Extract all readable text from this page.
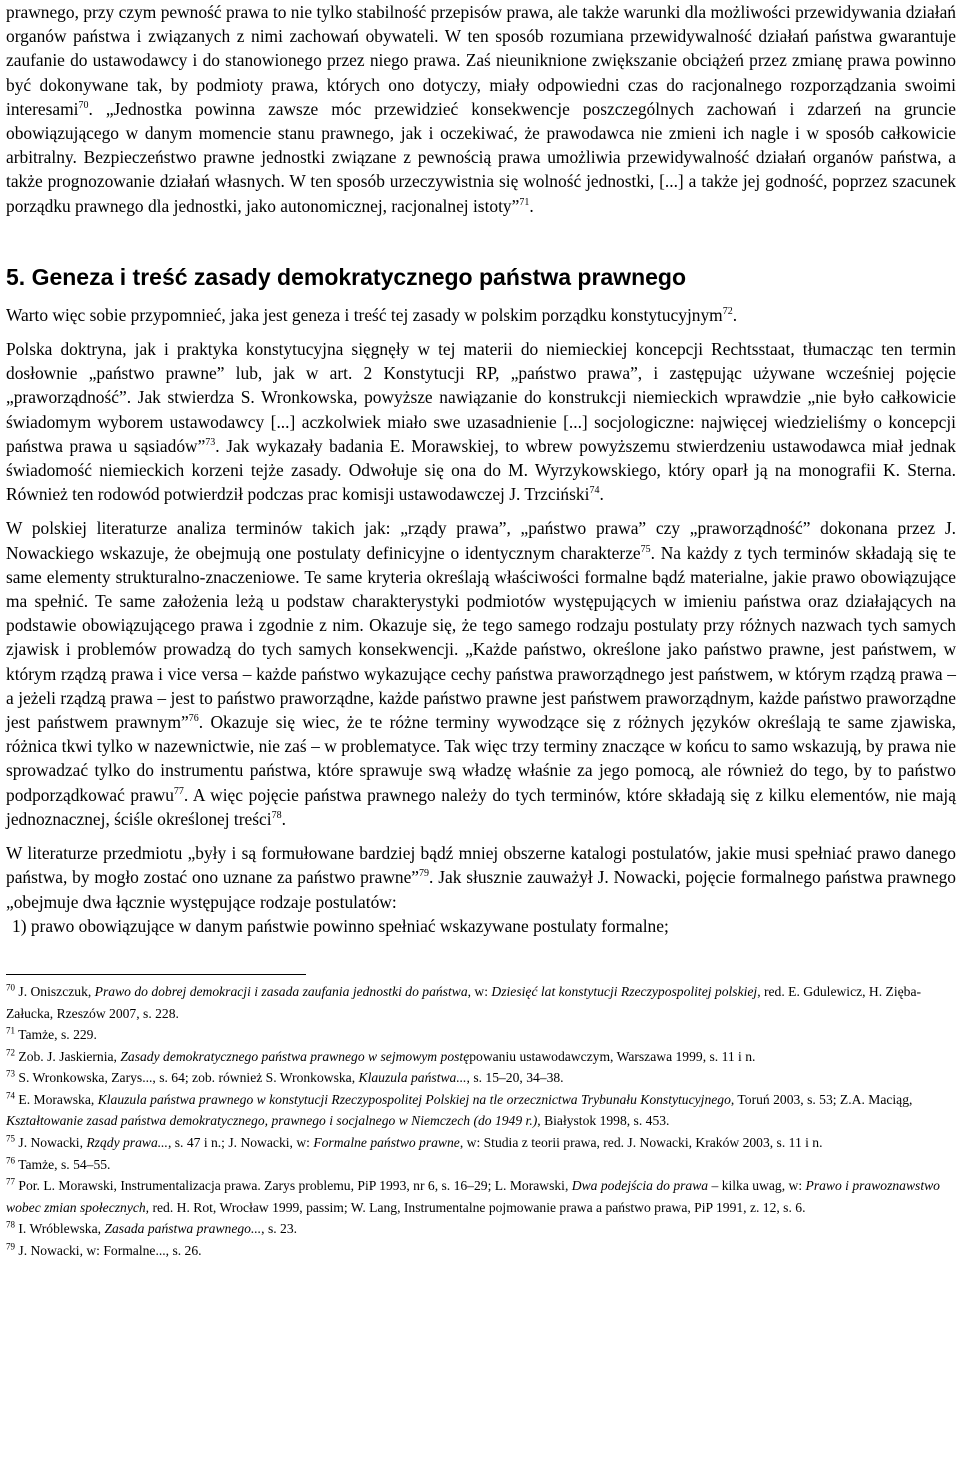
prawnego, przy czym pewność prawa to nie tylko stabilność przepisów prawa, ale także warunki dla możliwości przewidywania działań organów państwa i związanych z nimi zachowań obywateli. W ten sposób rozumiana przewidywalność działań państwa gwarantuje zaufanie do ustawodawcy i do stanowionego przez niego prawa. Zaś nieuniknione zwiększanie obciążeń przez zmianę prawa powinno być dokonywane tak, by podmioty prawa, których ono dotyczy, miały odpowiedni czas do racjonalnego rozporządzania swoimi interesami$^{70}$. „Jednostka powinna zawsze móc przewidzieć konsekwencje poszczególnych zachowań i zdarzeń na gruncie obowiązującego w danym momencie stanu prawnego, jak i oczekiwać, że prawodawca nie zmieni ich nagle i w sposób całkowicie arbitralny. Bezpieczeństwo prawne jednostki związane z pewnością prawa umożliwia przewidywalność działań organów państwa, a także prognozowanie działań własnych. W ten sposób urzeczywistnia się wolność jednostki, [...] a także jej godność, poprzez szacunek porządku prawnego dla jednostki, jako autonomicznej, racjonalnej istoty”$^{71}$.

5. Geneza i treść zasady demokratycznego państwa prawnego

Warto więc sobie przypomnieć, jaka jest geneza i treść tej zasady w polskim porządku konstytucyjnym$^{72}$.

Polska doktryna, jak i praktyka konstytucyjna sięgnęły w tej materii do niemieckiej koncepcji Rechtsstaat, tłumacząc ten termin dosłownie „państwo prawne” lub, jak w art. 2 Konstytucji RP, „państwo prawa”, i zastępując używane wcześniej pojęcie „praworządność”. Jak stwierdza S. Wronkowska, powyższe nawiązanie do konstrukcji niemieckich wprawdzie „nie było całkowicie świadomym wyborem ustawodawcy [...] aczkolwiek miało swe uzasadnienie [...] socjologiczne: najwięcej wiedzieliśmy o koncepcji państwa prawa u sąsiadów”$^{73}$. Jak wykazały badania E. Morawskiej, to wbrew powyższemu stwierdzeniu ustawodawca miał jednak świadomość niemieckich korzeni tejże zasady. Odwołuje się ona do M. Wyrzykowskiego, który oparł ją na monografii K. Sterna. Również ten rodowód potwierdził podczas prac komisji ustawodawczej J. Trzciński$^{74}$.

W polskiej literaturze analiza terminów takich jak: „rządy prawa”, „państwo prawa” czy „praworządność” dokonana przez J. Nowackiego wskazuje, że obejmują one postulaty definicyjne o identycznym charakterze$^{75}$. Na każdy z tych terminów składają się te same elementy strukturalno-znaczeniowe. Te same kryteria określają właściwości formalne bądź materialne, jakie prawo obowiązujące ma spełnić. Te same założenia leżą u podstaw charakterystyki podmiotów występujących w imieniu państwa oraz działających na podstawie obowiązującego prawa i zgodnie z nim. Okazuje się, że tego samego rodzaju postulaty przy różnych nazwach tych samych zjawisk i problemów prowadzą do tych samych konsekwencji. „Każde państwo, określone jako państwo prawne, jest państwem, w którym rządzą prawa i vice versa – każde państwo wykazujące cechy państwa praworządnego jest państwem, w którym rządzą prawa – a jeżeli rządzą prawa – jest to państwo praworządne, każde państwo prawne jest państwem praworządnym, każde państwo praworządne jest państwem prawnym”$^{76}$. Okazuje się wiec, że te różne terminy wywodzące się z różnych języków określają te same zjawiska, różnica tkwi tylko w nazewnictwie, nie zaś – w problematyce. Tak więc trzy terminy znaczące w końcu to samo wskazują, by prawa nie sprowadzać tylko do instrumentu państwa, które sprawuje swą władzę właśnie za jego pomocą, ale również do tego, by to państwo podporządkować prawu$^{77}$. A więc pojęcie państwa prawnego należy do tych terminów, które składają się z kilku elementów, nie mają jednoznacznej, ściśle określonej treści$^{78}$.

W literaturze przedmiotu „były i są formułowane bardziej bądź mniej obszerne katalogi postulatów, jakie musi spełniać prawo danego państwa, by mogło zostać ono uznane za państwo prawne”$^{79}$. Jak słusznie zauważył J. Nowacki, pojęcie formalnego państwa prawnego „obejmuje dwa łącznie występujące rodzaje postulatów:

1) prawo obowiązujące w danym państwie powinno spełniać wskazywane postulaty formalne;

$^{70}$ J. Oniszczuk, Prawo do dobrej demokracji i zasada zaufania jednostki do państwa, w: Dziesięć lat konstytucji Rzeczypospolitej polskiej, red. E. Gdulewicz, H. Zięba-Załucka, Rzeszów 2007, s. 228.

$^{71}$ Tamże, s. 229.

$^{72}$ Zob. J. Jaskiernia, Zasady demokratycznego państwa prawnego w sejmowym postępowaniu ustawodawczym, Warszawa 1999, s. 11 i n.

$^{73}$ S. Wronkowska, Zarys..., s. 64; zob. również S. Wronkowska, Klauzula państwa..., s. 15–20, 34–38.

$^{74}$ E. Morawska, Klauzula państwa prawnego w konstytucji Rzeczypospolitej Polskiej na tle orzecznictwa Trybunału Konstytucyjnego, Toruń 2003, s. 53; Z.A. Maciąg, Kształtowanie zasad państwa demokratycznego, prawnego i socjalnego w Niemczech (do 1949 r.), Białystok 1998, s. 453.

$^{75}$ J. Nowacki, Rządy prawa..., s. 47 i n.; J. Nowacki, w: Formalne państwo prawne, w: Studia z teorii prawa, red. J. Nowacki, Kraków 2003, s. 11 i n.

$^{76}$ Tamże, s. 54–55.

$^{77}$ Por. L. Morawski, Instrumentalizacja prawa. Zarys problemu, PiP 1993, nr 6, s. 16–29; L. Morawski, Dwa podejścia do prawa – kilka uwag, w: Prawo i prawoznawstwo wobec zmian społecznych, red. H. Rot, Wrocław 1999, passim; W. Lang, Instrumentalne pojmowanie prawa a państwo prawa, PiP 1991, z. 12, s. 6.

$^{78}$ I. Wróblewska, Zasada państwa prawnego..., s. 23.

$^{79}$ J. Nowacki, w: Formalne..., s. 26.
